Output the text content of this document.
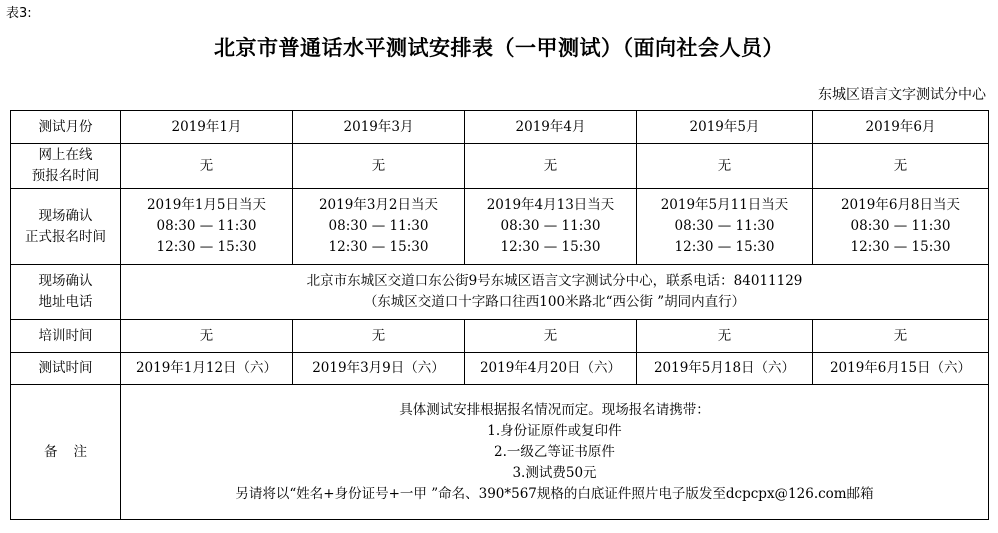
表3:
北京市普通话水平测试安排表（一甲测试）（面向社会人员）
东城区语言文字测试分中心
测试月份	2019年1月	2019年3月	2019年4月	2019年5月	2019年6月

网上在线
预报名时间	无	无	无	无	无

现场确认
正式报名时间	2019年1月5日当天
08:30 — 11:30
12:30 — 15:30	2019年3月2日当天
08:30 — 11:30
12:30 — 15:30	2019年4月13日当天
08:30 — 11:30
12:30 — 15:30	2019年5月11日当天
08:30 — 11:30
12:30 — 15:30	2019年6月8日当天
08:30 — 11:30
12:30 — 15:30

现场确认
地址电话	北京市东城区交道口东公街9号东城区语言文字测试分中心，联系电话：84011129
（东城区交道口十字路口往西100米路北“西公街 ”胡同内直行）				

培训时间	无	无	无	无	无
测试时间	2019年1月12日（六）	2019年3月9日（六）	2019年4月20日（六）	2019年5月18日（六）	2019年6月15日（六）
备注	具体测试安排根据报名情况而定。现场报名请携带：
1.身份证原件或复印件
2.一级乙等证书原件
3.测试费50元
另请将以“姓名+身份证号+一甲 ”命名、390*567规格的白底证件照片电子版发至dcpcpx@126.com邮箱				
